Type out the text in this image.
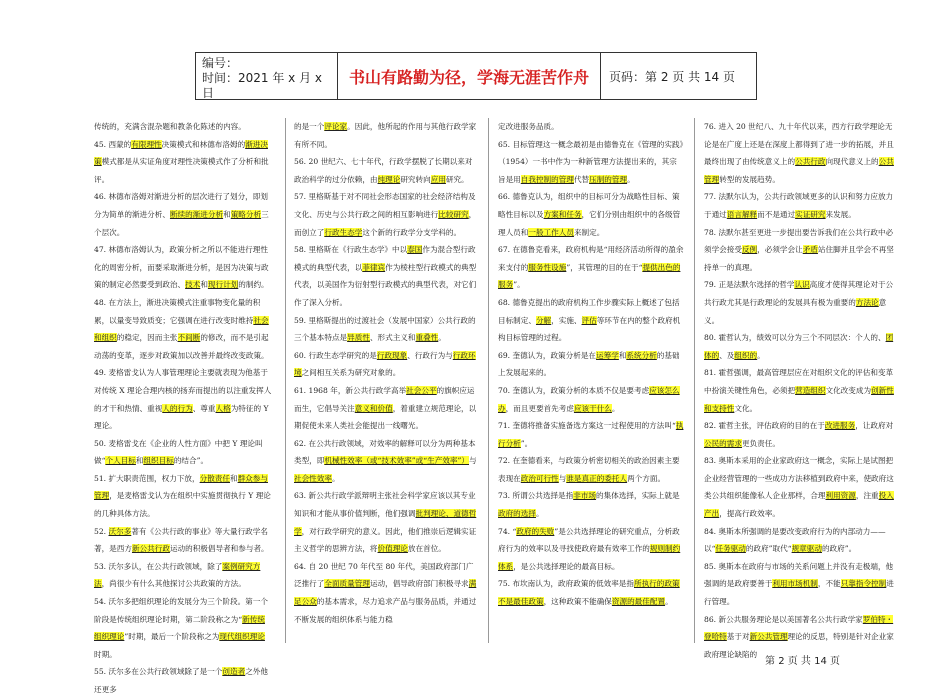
编号：
时间：2021 年 x 月 x 日
书山有路勤为径，学海无涯苦作舟	页码：第 2 页 共 14 页

传统的，充满含混杂题和教条化陈述的内容。

45. 西蒙的有限理性决策模式和林德布洛姆的渐进决策模式都是从实证角度对理性决策模式作了分析和批评。

46. 林德布洛姆对渐进分析的层次进行了划分，即划分为简单的渐进分析、断续的渐进分析和策略分析三个层次。

47. 林德布洛姆认为，政策分析之所以不能进行理性化的周密分析，而要采取渐进分析，是因为决策与政策的制定必然要受到政治、技术和现行计划的制约。

48. 在方法上，渐进决策模式注重事物变化量的积累，以量变导致质变；它强调在进行改变时维持社会和组织的稳定，因而主张不间断的修改，而不是引起动荡的变革，逐步对政策加以改善并最终改变政策。

49. 麦格雷戈认为人事管理理论主要就表现为他基于对传统 X 理论合理内核的扬弃而提出的以注重发挥人的才干和热情、重视人的行为、尊重人格为特征的 Y 理论。

50. 麦格雷戈在《企业的人性方面》中把 Y 理论叫做“个人目标和组织目标的结合”。

51. 扩大职责范围，权力下放，分散责任和群众参与管理，是麦格雷戈认为在组织中实施贯彻执行 Y 理论的几种具体方法。

52. 沃尔多著有《公共行政的事业》等大量行政学名著，是西方新公共行政运动的积极倡导者和参与者。

53. 沃尔多认，在公共行政领域，除了案例研究方法，尚很少有什么其他探讨公共政策的方法。

54. 沃尔多把组织理论的发展分为三个阶段。第一个阶段是传统组织理论时期，第二阶段称之为“新传统组织理论”时期，最后一个阶段称之为现代组织理论时期。

55. 沃尔多在公共行政领域除了是一个创造者之外他还更多

的是一个评论家。因此，他所起的作用与其他行政学家有所不同。

56. 20 世纪六、七十年代，行政学摆脱了长期以来对政治科学的过分依赖，由纯理论研究转向应用研究。

57. 里格斯基于对不同社会形态国家的社会经济结构及文化、历史与公共行政之间的相互影响进行比较研究，而创立了行政生态学这个新的行政学分支学科的。

58. 里格斯在《行政生态学》中以泰国作为混合型行政模式的典型代表，以菲律宾作为棱柱型行政模式的典型代表，以美国作为衍射型行政模式的典型代表，对它们作了深入分析。

59. 里格斯提出的过渡社会（发展中国家）公共行政的三个基本特点是异质性、形式主义和重叠性。

60. 行政生态学研究的是行政现象、行政行为与行政环境之间相互关系为研究对象的。

61. 1968 年，新公共行政学高举社会公平的旗帜应运而生，它倡导关注意义和价值，着重建立规范理论，以期促使未来人类社会能提出一线曙光。

62. 在公共行政领域，对效率的解释可以分为两种基本类型，即机械性效率（或“技术效率”或“生产效率”）与社会性效率。

63. 新公共行政学派辩明主张社会科学家应该以其专业知识和才能从事价值判断，他们强调批判理论、道德哲学，对行政学研究的意义。因此，他们推崇后逻辑实证主义哲学的思辨方法，将价值理论放在首位。

64. 自 20 世纪 70 年代至 80 年代，美国政府部门广泛推行了全面质量管理运动，倡导政府部门积极寻求满足公众的基本需求，尽力追求产品与服务品质，并通过不断发展的组织体系与能力稳

定改进服务品质。

65. 目标管理这一概念最初是由德鲁克在《管理的实践》（1954）一书中作为一种新管理方法提出来的，其宗旨是用自我控制的管理代替压制的管理。

66. 德鲁克认为，组织中的目标可分为战略性目标、策略性目标以及方案和任务，它们分别由组织中的各级管理人员和一般工作人员来制定。

67. 在德鲁克看来，政府机构是“用经济活动所得的盈余来支付的服务性设施”，其管理的目的在于“提供出色的服务”。

68. 德鲁克提出的政府机构工作步骤实际上概述了包括目标制定、分解，实施、评估等环节在内的整个政府机构目标管理的过程。

69. 奎德认为，政策分析是在运筹学和系统分析的基础上发展起来的。

70. 奎德认为，政策分析的本质不仅是要考虑应该怎么办，而且更要首先考虑应该干什么。

71. 奎德将推备实施备选方案这一过程使用的方法叫“执行分析”。

72. 在奎德看来，与政策分析密切相关的政治因素主要表现在政治可行性与谁是真正的委托人两个方面。

73. 所谓公共选择是指非市场的集体选择，实际上就是政府的选择。

74. “政府的失败”是公共选择理论的研究重点，分析政府行为的效率以及寻找使政府最有效率工作的规则制约体系，是公共选择理论的最高目标。

75. 布坎南认为，政府政策的低效率是指所执行的政策不是最佳政策，这种政策不能确保资源的最佳配置。

76. 进入 20 世纪八、九十年代以来，西方行政学理论无论是在广度上还是在深度上都得到了进一步的拓展，并且最终出现了由传统意义上的公共行政向现代意义上的公共管理转型的发展趋势。

77. 法默尔认为，公共行政领域更多的认识和努力应放力于通过语言解释而不是通过实证研究来发展。

78. 法默尔甚至更进一步提出要告诉我们在公共行政中必须学会接受反例，必须学会让矛盾站住脚并且学会不再坚持单一的真理。

79. 正是法默尔选择的哲学认识高度才使得其理论对于公共行政尤其是行政理论的发展具有极为重要的方法论意义。

80. 霍哲认为，绩效可以分为三个不同层次：个人的、团体的、及组织的。

81. 霍哲强调，最高管理层应在对组织文化的评估和变革中扮演关键性角色，必须把营造组织文化改变成为创新性和支持性文化。

82. 霍哲主张，评估政府的目的在于改进服务，让政府对公民的需求更负责任。

83. 奥斯本采用的企业家政府这一概念，实际上是试图把企业经营管理的一些成功方法移植到政府中来，使政府这类公共组织能像私人企业那样，合理利用资源，注重投入产出，提高行政效率。

84. 奥斯本所强调的是要改变政府行为的内部动力——以“任务驱动的政府”取代“规章驱动的政府”。

85. 奥斯本在政府与市场的关系问题上并没有走极端，他强调的是政府要善于利用市场机制，不能只靠指令控制进行管理。

86. 新公共服务理论是以美国著名公共行政学家罗伯特・登哈特基于对新公共管理理论的反思，特别是针对企业家政府理论缺陷的

第 2 页 共 14 页
